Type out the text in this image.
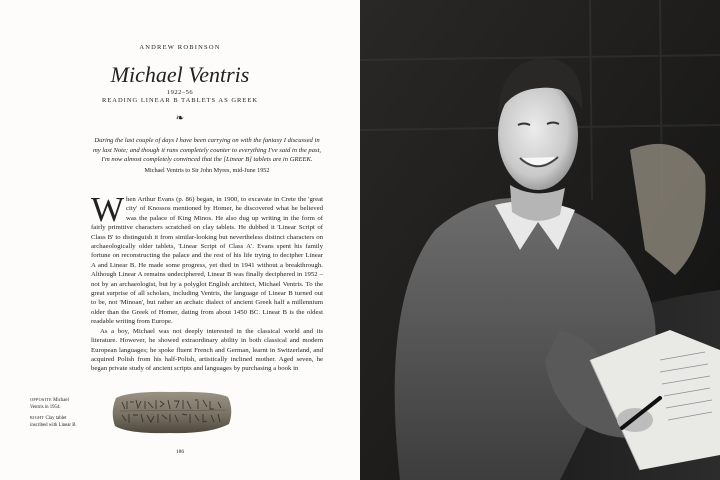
ANDREW ROBINSON
Michael Ventris
1922–56
READING LINEAR B TABLETS AS GREEK
❧
During the last couple of days I have been carrying on with the fantasy I discussed in my last Note; and though it runs completely counter to everything I've said in the past, I'm now almost completely convinced that the [Linear B] tablets are in GREEK.
Michael Ventris to Sir John Myres, mid-June 1952

When Arthur Evans (p. 86) began, in 1900, to excavate in Crete the 'great city' of Knossos mentioned by Homer, he discovered what he believed was the palace of King Minos. He also dug up writing in the form of fairly primitive characters scratched on clay tablets. He dubbed it 'Linear Script of Class B' to distinguish it from similar-looking but nevertheless distinct characters on archaeologically older tablets, 'Linear Script of Class A'. Evans spent his family fortune on reconstructing the palace and the rest of his life trying to decipher Linear A and Linear B. He made some progress, yet died in 1941 without a breakthrough. Although Linear A remains undeciphered, Linear B was finally deciphered in 1952 – not by an archaeologist, but by a polyglot English architect, Michael Ventris. To the great surprise of all scholars, including Ventris, the language of Linear B turned out to be, not 'Minoan', but rather an archaic dialect of ancient Greek half a millennium older than the Greek of Homer, dating from about 1450 BC. Linear B is the oldest readable writing from Europe.

As a boy, Michael was not deeply interested in the classical world and its literature. However, he showed extraordinary ability in both classical and modern European languages; he spoke fluent French and German, learnt in Switzerland, and acquired Polish from his half-Polish, artistically inclined mother. Aged seven, he began private study of ancient scripts and languages by purchasing a book in

OPPOSITE Michael Ventris in 1954.

RIGHT Clay tablet inscribed with Linear B.

186
